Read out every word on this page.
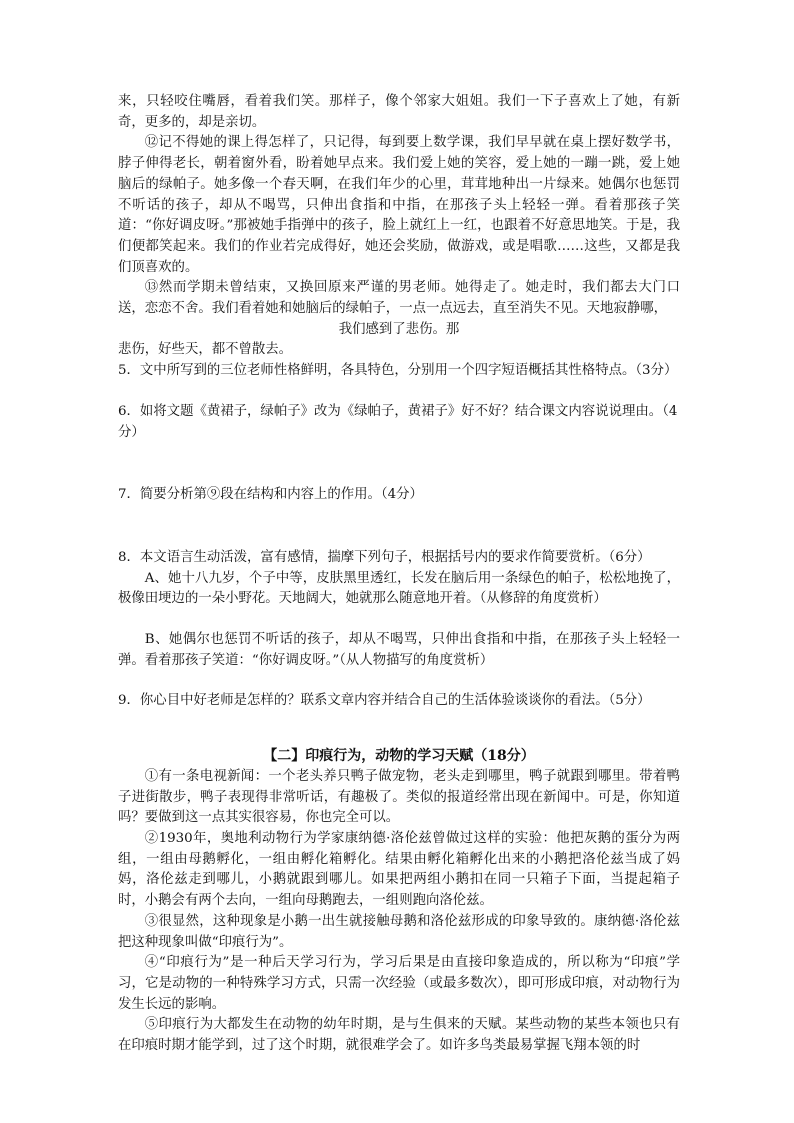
来，只轻咬住嘴唇，看着我们笑。那样子，像个邻家大姐姐。我们一下子喜欢上了她，有新奇，更多的，却是亲切。

⑫记不得她的课上得怎样了，只记得，每到要上数学课，我们早早就在桌上摆好数学书，脖子伸得老长，朝着窗外看，盼着她早点来。我们爱上她的笑容，爱上她的一蹦一跳，爱上她脑后的绿帕子。她多像一个春天啊，在我们年少的心里，茸茸地种出一片绿来。她偶尔也惩罚不听话的孩子，却从不喝骂，只伸出食指和中指，在那孩子头上轻轻一弹。看着那孩子笑道：“你好调皮呀。”那被她手指弹中的孩子，脸上就红上一红，也跟着不好意思地笑。于是，我们便都笑起来。我们的作业若完成得好，她还会奖励，做游戏，或是唱歌……这些，又都是我们顶喜欢的。

⑬然而学期未曾结束，又换回原来严谨的男老师。她得走了。她走时，我们都去大门口送，恋恋不舍。我们看着她和她脑后的绿帕子，一点一点远去，直至消失不见。天地寂静哪，

我们感到了悲伤。那

悲伤，好些天，都不曾散去。

5．文中所写到的三位老师性格鲜明，各具特色，分别用一个四字短语概括其性格特点。（3分）

6．如将文题《黄裙子，绿帕子》改为《绿帕子，黄裙子》好不好？结合课文内容说说理由。（4分）

7．简要分析第⑨段在结构和内容上的作用。（4分）

8．本文语言生动活泼，富有感情，揣摩下列句子，根据括号内的要求作简要赏析。（6分）

A、她十八九岁，个子中等，皮肤黑里透红，长发在脑后用一条绿色的帕子，松松地挽了，极像田埂边的一朵小野花。天地阔大，她就那么随意地开着。（从修辞的角度赏析）

B、她偶尔也惩罚不听话的孩子，却从不喝骂，只伸出食指和中指，在那孩子头上轻轻一弹。看着那孩子笑道：“你好调皮呀。”（从人物描写的角度赏析）

9．你心目中好老师是怎样的？联系文章内容并结合自己的生活体验谈谈你的看法。（5分）

【二】印痕行为，动物的学习天赋（18分）

①有一条电视新闻：一个老头养只鸭子做宠物，老头走到哪里，鸭子就跟到哪里。带着鸭子进街散步，鸭子表现得非常听话，有趣极了。类似的报道经常出现在新闻中。可是，你知道吗？要做到这一点其实很容易，你也完全可以。

②1930年，奥地利动物行为学家康纳德·洛伦兹曾做过这样的实验：他把灰鹅的蛋分为两组，一组由母鹅孵化，一组由孵化箱孵化。结果由孵化箱孵化出来的小鹅把洛伦兹当成了妈妈，洛伦兹走到哪儿，小鹅就跟到哪儿。如果把两组小鹅扣在同一只箱子下面，当提起箱子时，小鹅会有两个去向，一组向母鹅跑去，一组则跑向洛伦兹。

③很显然，这种现象是小鹅一出生就接触母鹅和洛伦兹形成的印象导致的。康纳德·洛伦兹把这种现象叫做“印痕行为”。

④“印痕行为”是一种后天学习行为，学习后果是由直接印象造成的，所以称为“印痕”学习，它是动物的一种特殊学习方式，只需一次经验（或最多数次），即可形成印痕，对动物行为发生长远的影响。

⑤印痕行为大都发生在动物的幼年时期，是与生俱来的天赋。某些动物的某些本领也只有在印痕时期才能学到，过了这个时期，就很难学会了。如许多鸟类最易掌握飞翔本领的时
